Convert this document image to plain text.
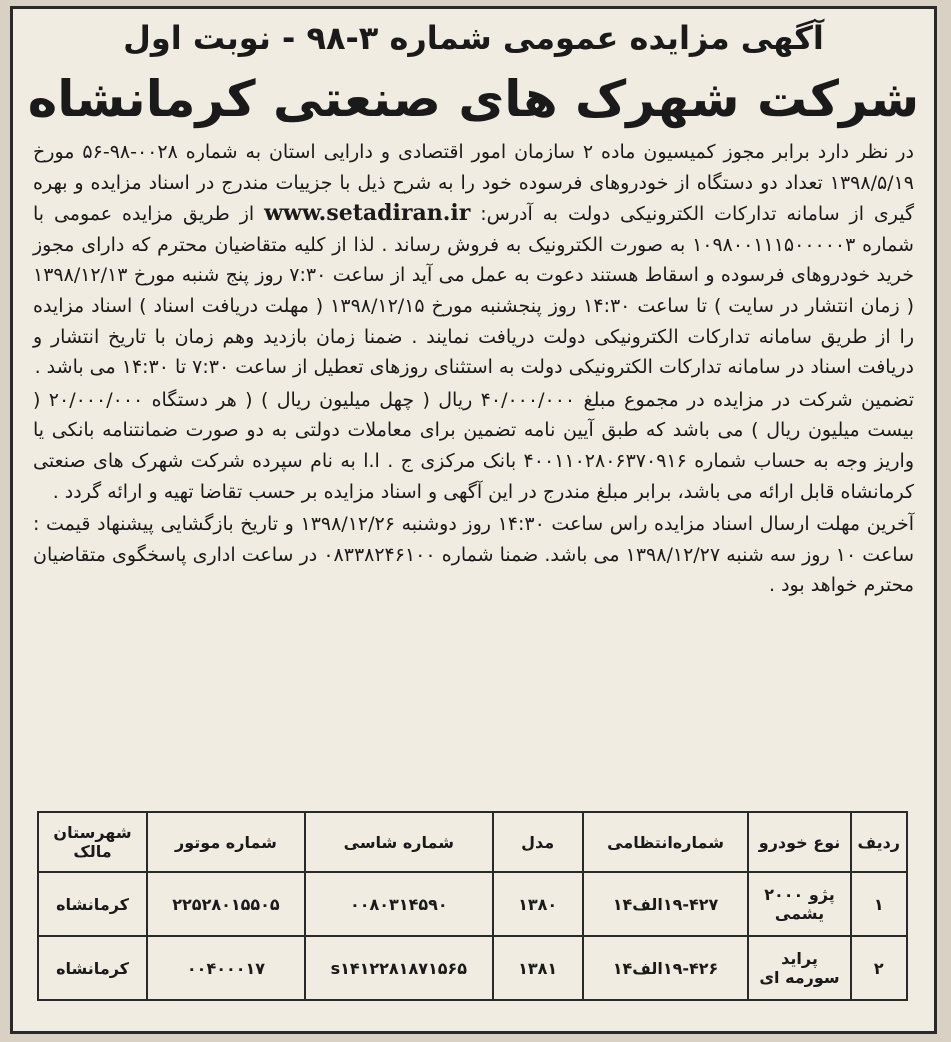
آگهی مزایده عمومی شماره ۳-۹۸ - نوبت اول
شرکت شهرک های صنعتی کرمانشاه

در نظر دارد برابر مجوز کمیسیون ماده ۲ سازمان امور اقتصادی و دارایی استان به شماره ۰۰۲۸-۹۸-۵۶ مورخ ۱۳۹۸/۵/۱۹ تعداد دو دستگاه از خودروهای فرسوده خود را به شرح ذیل با جزییات مندرج در اسناد مزایده و بهره گیری از سامانه تدارکات الکترونیکی دولت به آدرس: www.setadiran.ir از طریق مزایده عمومی با شماره ۱۰۹۸۰۰۱۱۱۵۰۰۰۰۰۳ به صورت الکترونیک به فروش رساند . لذا از کلیه متقاضیان محترم که دارای مجوز خرید خودروهای فرسوده و اسقاط هستند دعوت به عمل می آید از ساعت ۷:۳۰ روز پنج شنبه مورخ ۱۳۹۸/۱۲/۱۳ ( زمان انتشار در سایت ) تا ساعت ۱۴:۳۰ روز پنجشنبه مورخ ۱۳۹۸/۱۲/۱۵ ( مهلت دریافت اسناد ) اسناد مزایده را از طریق سامانه تدارکات الکترونیکی دولت دریافت نمایند . ضمنا زمان بازدید وهم زمان با تاریخ انتشار و دریافت اسناد در سامانه تدارکات الکترونیکی دولت به استثنای روزهای تعطیل از ساعت ۷:۳۰ تا ۱۴:۳۰ می باشد .

تضمین شرکت در مزایده در مجموع مبلغ ۴۰/۰۰۰/۰۰۰ ریال ( چهل میلیون ریال ) ( هر دستگاه ۲۰/۰۰۰/۰۰۰ ( بیست میلیون ریال ) می باشد که طبق آیین نامه تضمین برای معاملات دولتی به دو صورت ضمانتنامه بانکی یا واریز وجه به حساب شماره ۴۰۰۱۱۰۲۸۰۶۳۷۰۹۱۶ بانک مرکزی ج . ا.ا به نام سپرده شرکت شهرک های صنعتی کرمانشاه قابل ارائه می باشد، برابر مبلغ مندرج در این آگهی و اسناد مزایده بر حسب تقاضا تهیه و ارائه گردد .

آخرین مهلت ارسال اسناد مزایده راس ساعت ۱۴:۳۰ روز دوشنبه ۱۳۹۸/۱۲/۲۶ و تاریخ بازگشایی پیشنهاد قیمت : ساعت ۱۰ روز سه شنبه ۱۳۹۸/۱۲/۲۷ می باشد. ضمنا شماره ۰۸۳۳۸۲۴۶۱۰۰ در ساعت اداری پاسخگوی متقاضیان محترم خواهد بود .

ردیف	نوع خودرو	شماره‌انتظامی	مدل	شماره شاسی	شماره موتور	شهرستان مالک
۱	پژو ۲۰۰۰ یشمی	۱۹-۴۲۷الف۱۴	۱۳۸۰	۰۰۸۰۳۱۴۵۹۰	۲۲۵۲۸۰۱۵۵۰۵	کرمانشاه
۲	پراید سورمه ای	۱۹-۴۲۶الف۱۴	۱۳۸۱	s۱۴۱۲۲۸۱۸۷۱۵۶۵	۰۰۴۰۰۰۱۷	کرمانشاه
